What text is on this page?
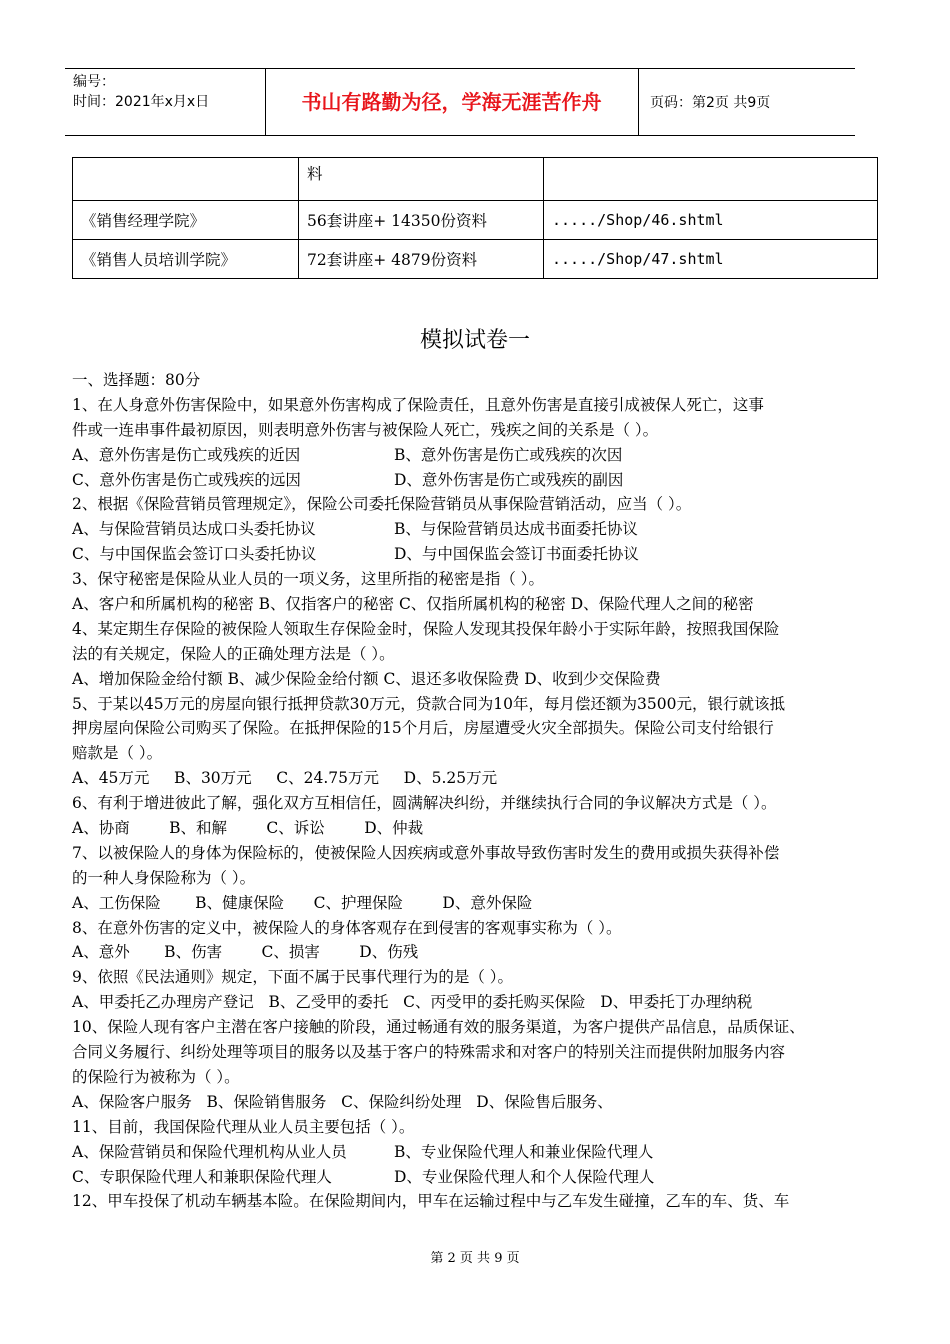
编号：
时间：2021年x月x日	书山有路勤为径，学海无涯苦作舟	页码：第2页 共9页
	料	
《销售经理学院》	56套讲座+ 14350份资料	...../Shop/46.shtml
《销售人员培训学院》	72套讲座+ 4879份资料	...../Shop/47.shtml
模拟试卷一
一、选择题：80分
1、在人身意外伤害保险中，如果意外伤害构成了保险责任，且意外伤害是直接引成被保人死亡，这事
件或一连串事件最初原因，则表明意外伤害与被保险人死亡，残疾之间的关系是（ ）。
A、意外伤害是伤亡或残疾的近因	B、意外伤害是伤亡或残疾的次因
C、意外伤害是伤亡或残疾的远因	D、意外伤害是伤亡或残疾的副因
2、根据《保险营销员管理规定》，保险公司委托保险营销员从事保险营销活动，应当（ ）。
A、与保险营销员达成口头委托协议	B、与保险营销员达成书面委托协议
C、与中国保监会签订口头委托协议	D、与中国保监会签订书面委托协议
3、保守秘密是保险从业人员的一项义务，这里所指的秘密是指（ ）。
A、客户和所属机构的秘密 B、仅指客户的秘密 C、仅指所属机构的秘密 D、保险代理人之间的秘密
4、某定期生存保险的被保险人领取生存保险金时，保险人发现其投保年龄小于实际年龄，按照我国保险
法的有关规定，保险人的正确处理方法是（ ）。
A、增加保险金给付额 B、减少保险金给付额 C、退还多收保险费 D、收到少交保险费
5、于某以45万元的房屋向银行抵押贷款30万元，贷款合同为10年，每月偿还额为3500元，银行就该抵
押房屋向保险公司购买了保险。在抵押保险的15个月后，房屋遭受火灾全部损失。保险公司支付给银行
赔款是（ ）。
A、45万元     B、30万元     C、24.75万元     D、5.25万元
6、有利于增进彼此了解，强化双方互相信任，圆满解决纠纷，并继续执行合同的争议解决方式是（ ）。
A、协商        B、和解        C、诉讼        D、仲裁
7、以被保险人的身体为保险标的，使被保险人因疾病或意外事故导致伤害时发生的费用或损失获得补偿
的一种人身保险称为（ ）。
A、工伤保险       B、健康保险      C、护理保险        D、意外保险
8、在意外伤害的定义中，被保险人的身体客观存在到侵害的客观事实称为（ ）。
A、意外       B、伤害        C、损害        D、伤残
9、依照《民法通则》规定，下面不属于民事代理行为的是（ ）。
A、甲委托乙办理房产登记   B、乙受甲的委托   C、丙受甲的委托购买保险   D、甲委托丁办理纳税
10、保险人现有客户主潜在客户接触的阶段，通过畅通有效的服务渠道，为客户提供产品信息，品质保证、
合同义务履行、纠纷处理等项目的服务以及基于客户的特殊需求和对客户的特别关注而提供附加服务内容
的保险行为被称为（ ）。
A、保险客户服务   B、保险销售服务   C、保险纠纷处理   D、保险售后服务、
11、目前，我国保险代理从业人员主要包括（ ）。
A、保险营销员和保险代理机构从业人员	B、专业保险代理人和兼业保险代理人
C、专职保险代理人和兼职保险代理人	D、专业保险代理人和个人保险代理人
12、甲车投保了机动车辆基本险。在保险期间内，甲车在运输过程中与乙车发生碰撞，乙车的车、货、车
第 2 页 共 9 页
